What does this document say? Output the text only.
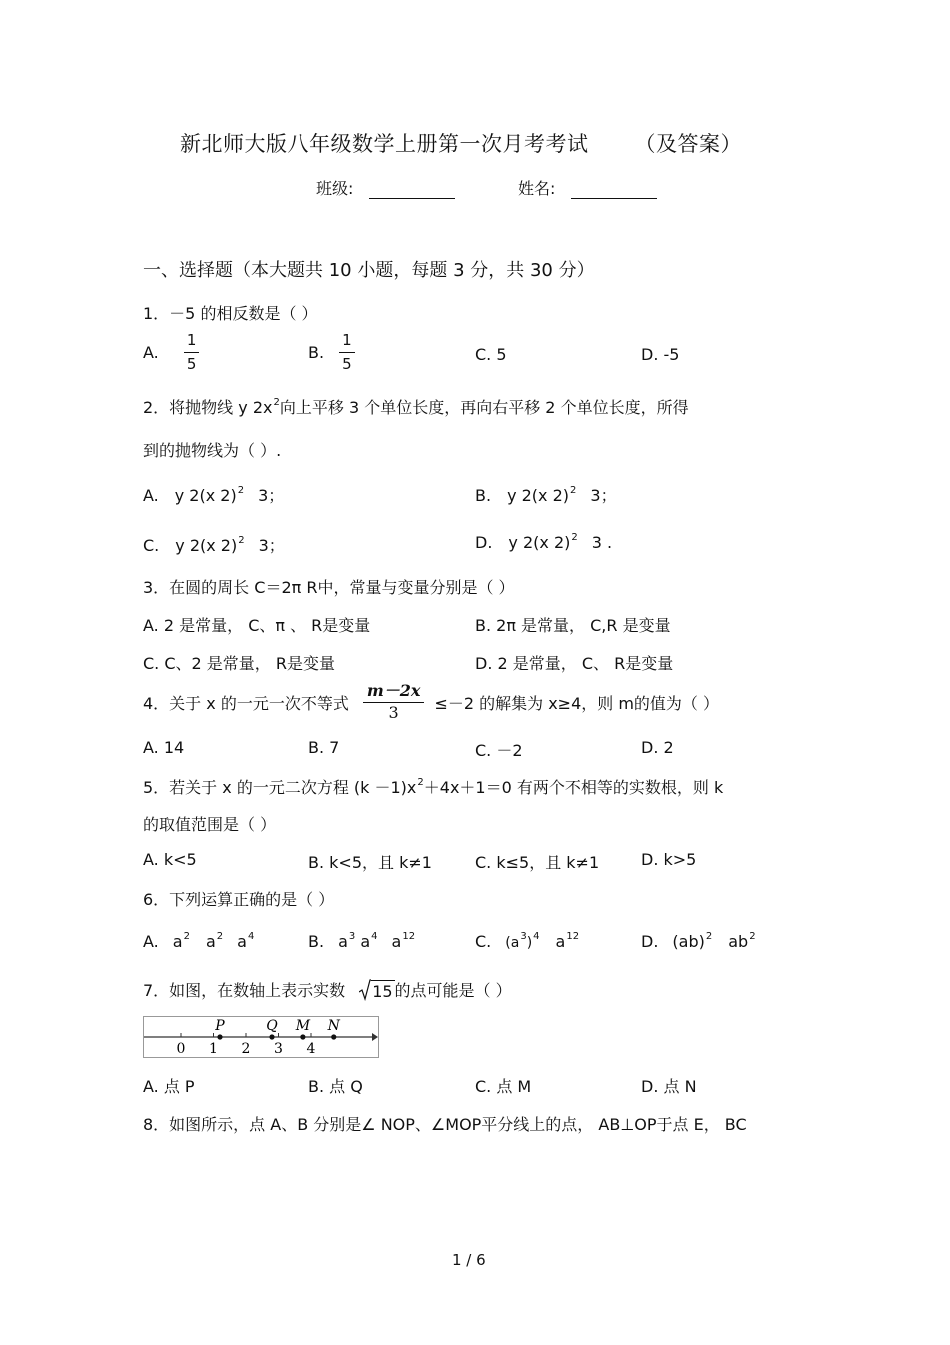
新北师大版八年级数学上册第一次月考考试 （及答案）
班级:	姓名:
一、选择题（本大题共 10 小题，每题 3 分，共 30 分）
1．－5 的相反数是（ ）
A. $\frac{1}{5}$	B. $\frac{1}{5}$	C. 5	D. -5
2．将抛物线 y $2x^2$向上平移 3 个单位长度，再向右平移 2 个单位长度，所得
到的抛物线为（ ）.
A. y 2(x 2)$^2$ 3；	B. y 2(x 2)$^2$ 3；
C. y 2(x 2)$^2$ 3；	D. y 2(x 2)$^2$ 3 .
3．在圆的周长 C＝2π R中，常量与变量分别是（ ）
A. 2 是常量， C、π 、 R是变量	B. 2π 是常量， C,R 是变量
C. C、2 是常量， R是变量	D. 2 是常量， C、 R是变量
4．关于 x 的一元一次不等式 $\frac{m-2x}{3} \le-2$ 的解集为 x≥4，则 m的值为（ ）
A. 14	B. 7	C. －2	D. 2
5．若关于 x 的一元二次方程 $(k -1)x^2+4x+1=0$ 有两个不相等的实数根，则 k
的取值范围是（ ）
A. k<5	B. k<5，且 k≠1	C. k≤5，且 k≠1	D. k>5
6．下列运算正确的是（ ）
A. $a^2$ $a^2$ $a^4$	B. $a^3$ $a^4$ $a^{12}$	C. $(a^3)^4$ $a^{12}$	D. (ab)$^2$ $ab^2$
7．如图，在数轴上表示实数 15 的点可能是（ ）
0 1 2 3 4
P	Q M N
A. 点 P	B. 点 Q	C. 点 M	D. 点 N
8．如图所示，点 A、B 分别是∠ NOP、∠MOP平分线上的点， AB⊥OP于点 E， BC
1 / 6
